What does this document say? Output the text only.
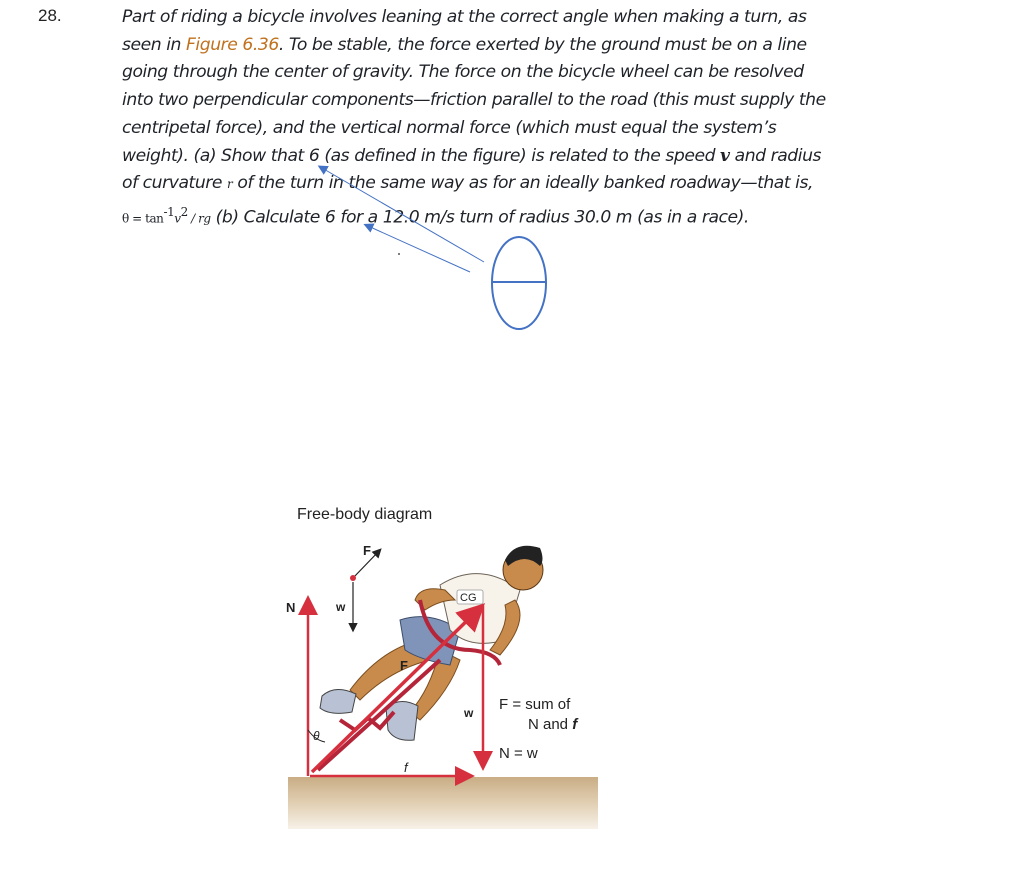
28.	Part of riding a bicycle involves leaning at the correct angle when making a turn, as
seen in Figure 6.36. To be stable, the force exerted by the ground must be on a line
going through the center of gravity. The force on the bicycle wheel can be resolved
into two perpendicular components—friction parallel to the road (this must supply the
centripetal force), and the vertical normal force (which must equal the system’s
weight). (a) Show that 6 (as defined in the figure) is related to the speed v and radius
of curvature r of the turn in the same way as for an ideally banked roadway—that is,
$\theta = \tan^{-1}v^2$ / rg (b) Calculate 6 for a 12.0 m/s turn of radius 30.0 m (as in a race).
Free-body diagram
F
w
N
CG
F
w
f
θ
F = sum of
N and f
N = w
